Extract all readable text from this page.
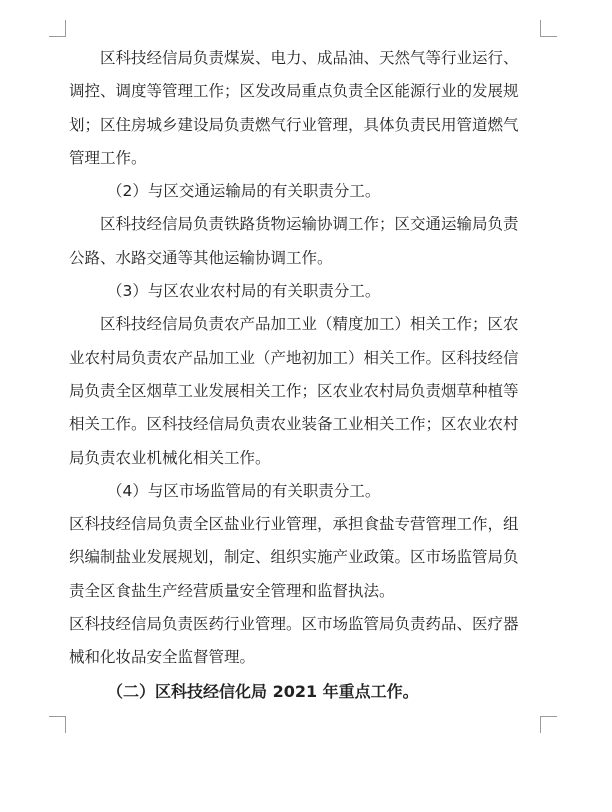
区科技经信局负责煤炭、电力、成品油、天然气等行业运行、
调控、调度等管理工作；区发改局重点负责全区能源行业的发展规
划；区住房城乡建设局负责燃气行业管理，具体负责民用管道燃气
管理工作。
（2）与区交通运输局的有关职责分工。
区科技经信局负责铁路货物运输协调工作；区交通运输局负责
公路、水路交通等其他运输协调工作。
（3）与区农业农村局的有关职责分工。
区科技经信局负责农产品加工业（精度加工）相关工作；区农
业农村局负责农产品加工业（产地初加工）相关工作。区科技经信
局负责全区烟草工业发展相关工作；区农业农村局负责烟草种植等
相关工作。区科技经信局负责农业装备工业相关工作；区农业农村
局负责农业机械化相关工作。
（4）与区市场监管局的有关职责分工。
区科技经信局负责全区盐业行业管理，承担食盐专营管理工作，组
织编制盐业发展规划，制定、组织实施产业政策。区市场监管局负
责全区食盐生产经营质量安全管理和监督执法。
区科技经信局负责医药行业管理。区市场监管局负责药品、医疗器
械和化妆品安全监督管理。
（二）区科技经信化局 2021 年重点工作。
